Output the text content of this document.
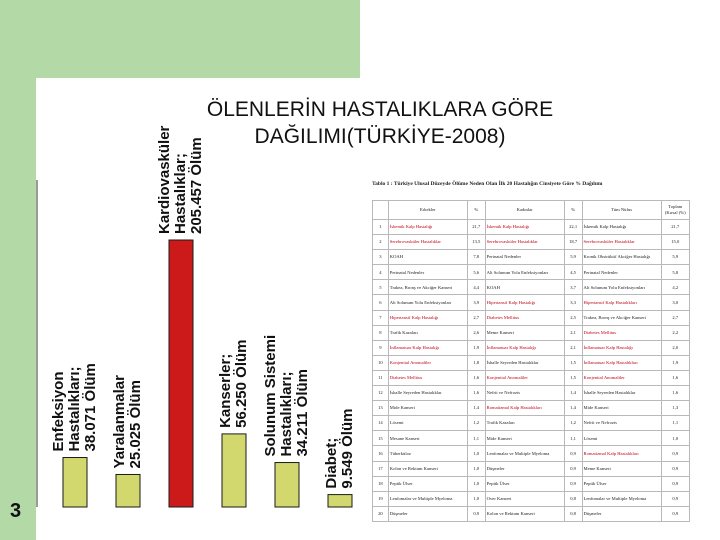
ÖLENLERİN HASTALIKLARA GÖRE
DAĞILIMI(TÜRKİYE-2008)
3
Enfeksiyon Hastalıkları; 38.071 Ölüm Yaralanmalar 25.025 Ölüm
Kardiovasküler Hastalıklar; 205.457 Ölüm
Kanserler; 56.250 Ölüm Solunum Sistemi Hastalıkları; 34.211 Ölüm
Diabet; 9.549 Ölüm
Tablo 1 : Türkiye Ulusal Düzeyde Ölüme Neden Olan İlk 20 Hastalığın Cinsiyete Göre % Dağılımı
	Erkekler	%	Kadınlar	%	Tüm Nüfus	Toplam (Kırsal (%)
1	İskemik Kalp Hastalığı	21,7	İskemik Kalp Hastalığı	22,1	İskemik Kalp Hastalığı	21,7
2	Serebrovasküler Hastalıklar	13,5	Serebrovasküler Hastalıklar	18,7	Serebrovasküler Hastalıklar	15,0
3	KOAH	7,8	Perinatal Nedenler	5,9	Kronik Obstrüktif Akciğer Hastalığı	5,9
4	Perinatal Nedenler	5,6	Alt Solunum Yolu Enfeksiyonları	4,5	Perinatal Nedenler	5,8
5	Trakea, Bronş ve Akciğer Kanseri	4,4	KOAH	3,7	Alt Solunum Yolu Enfeksiyonları	4,2
6	Alt Solunum Yolu Enfeksiyonları	3,9	Hipertansif Kalp Hastalığı	3,3	Hipertansif Kalp Hastalıkları	3,0
7	Hipertansif Kalp Hastalığı	2,7	Diabetes Mellitus	2,5	Trakea, Bronş ve Akciğer Kanseri	2,7
8	Trafik Kazaları	2,6	Meme Kanseri	2,1	Diabetes Mellitus	2,2
9	İnflamatuar Kalp Hastalığı	1,9	İnflamatuar Kalp Hastalığı	2,1	İnflamatuar Kalp Hastalığı	2,0
10	Konjenital Anomaliler	1,8	İshalle Seyreden Hastalıklar	1,5	İnflamatuar Kalp Hastalıkları	1,9
11	Diabetes Mellitus	1,6	Konjenital Anomaliler	1,5	Konjenital Anomaliler	1,6
12	İshalle Seyreden Hastalıklar	1,6	Nefrit ve Nefrozis	1,4	İshalle Seyreden Hastalıklar	1,6
13	Mide Kanseri	1,4	Romatizmal Kalp Hastalıkları	1,4	Mide Kanseri	1,3
14	Lösemi	1,2	Trafik Kazaları	1,2	Nefrit ve Nefrozis	1,1
15	Mesane Kanseri	1,1	Mide Kanseri	1,1	Lösemi	1,0
16	Tüberküloz	1,0	Lenfomalar ve Multiple Myeloma	0,9	Romatizmal Kalp Hastalıkları	0,9
17	Kolon ve Rektum Kanseri	1,0	Düşmeler	0,9	Meme Kanseri	0,9
18	Peptik Ülser	1,0	Peptik Ülser	0,9	Peptik Ülser	0,9
19	Lenfomalar ve Multiple Myeloma	1,0	Over Kanseri	0,8	Lenfomalar ve Multiple Myeloma	0,9
20	Düşmeler	0,9	Kolon ve Rektum Kanseri	0,8	Düşmeler	0,9
